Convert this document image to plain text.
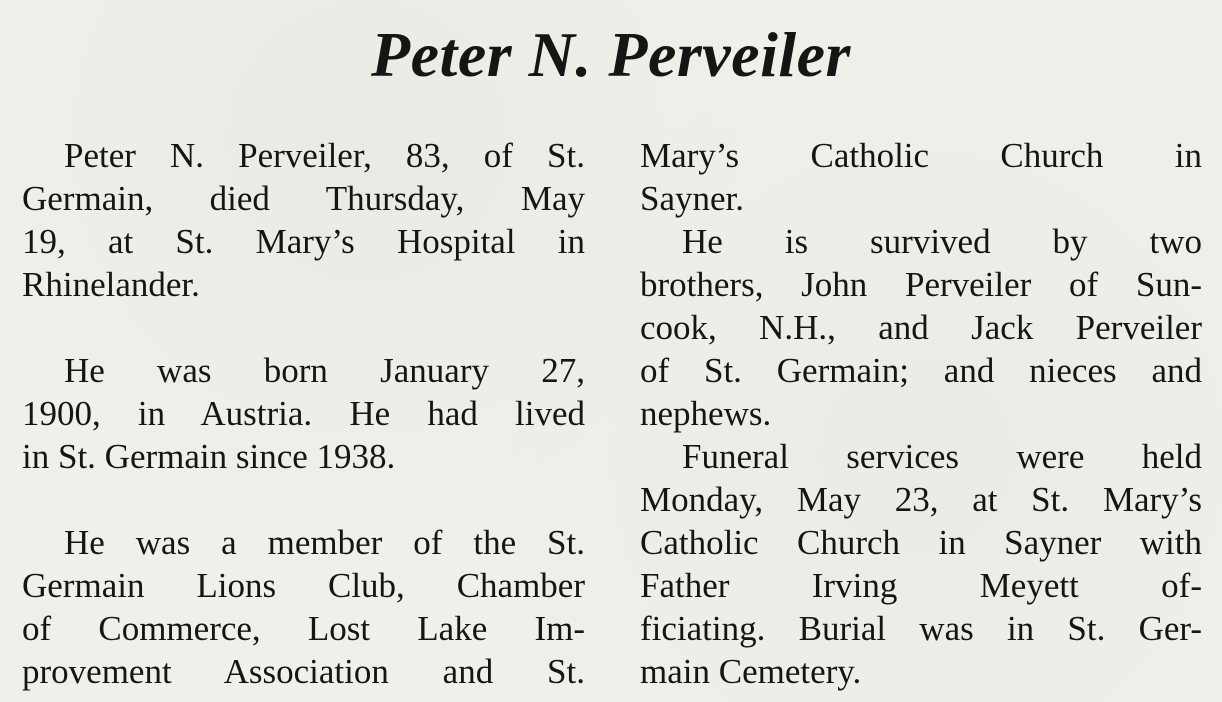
Peter N. Perveiler
Peter N. Perveiler, 83, of St.
Germain, died Thursday, May
19, at St. Mary’s Hospital in
Rhinelander.
He was born January 27,
1900, in Austria. He had lived
in St. Germain since 1938.
He was a member of the St.
Germain Lions Club, Chamber
of Commerce, Lost Lake Im-
provement Association and St.
Mary’s Catholic Church in
Sayner.
He is survived by two
brothers, John Perveiler of Sun-
cook, N.H., and Jack Perveiler
of St. Germain; and nieces and
nephews.
Funeral services were held
Monday, May 23, at St. Mary’s
Catholic Church in Sayner with
Father Irving Meyett of-
ficiating. Burial was in St. Ger-
main Cemetery.
